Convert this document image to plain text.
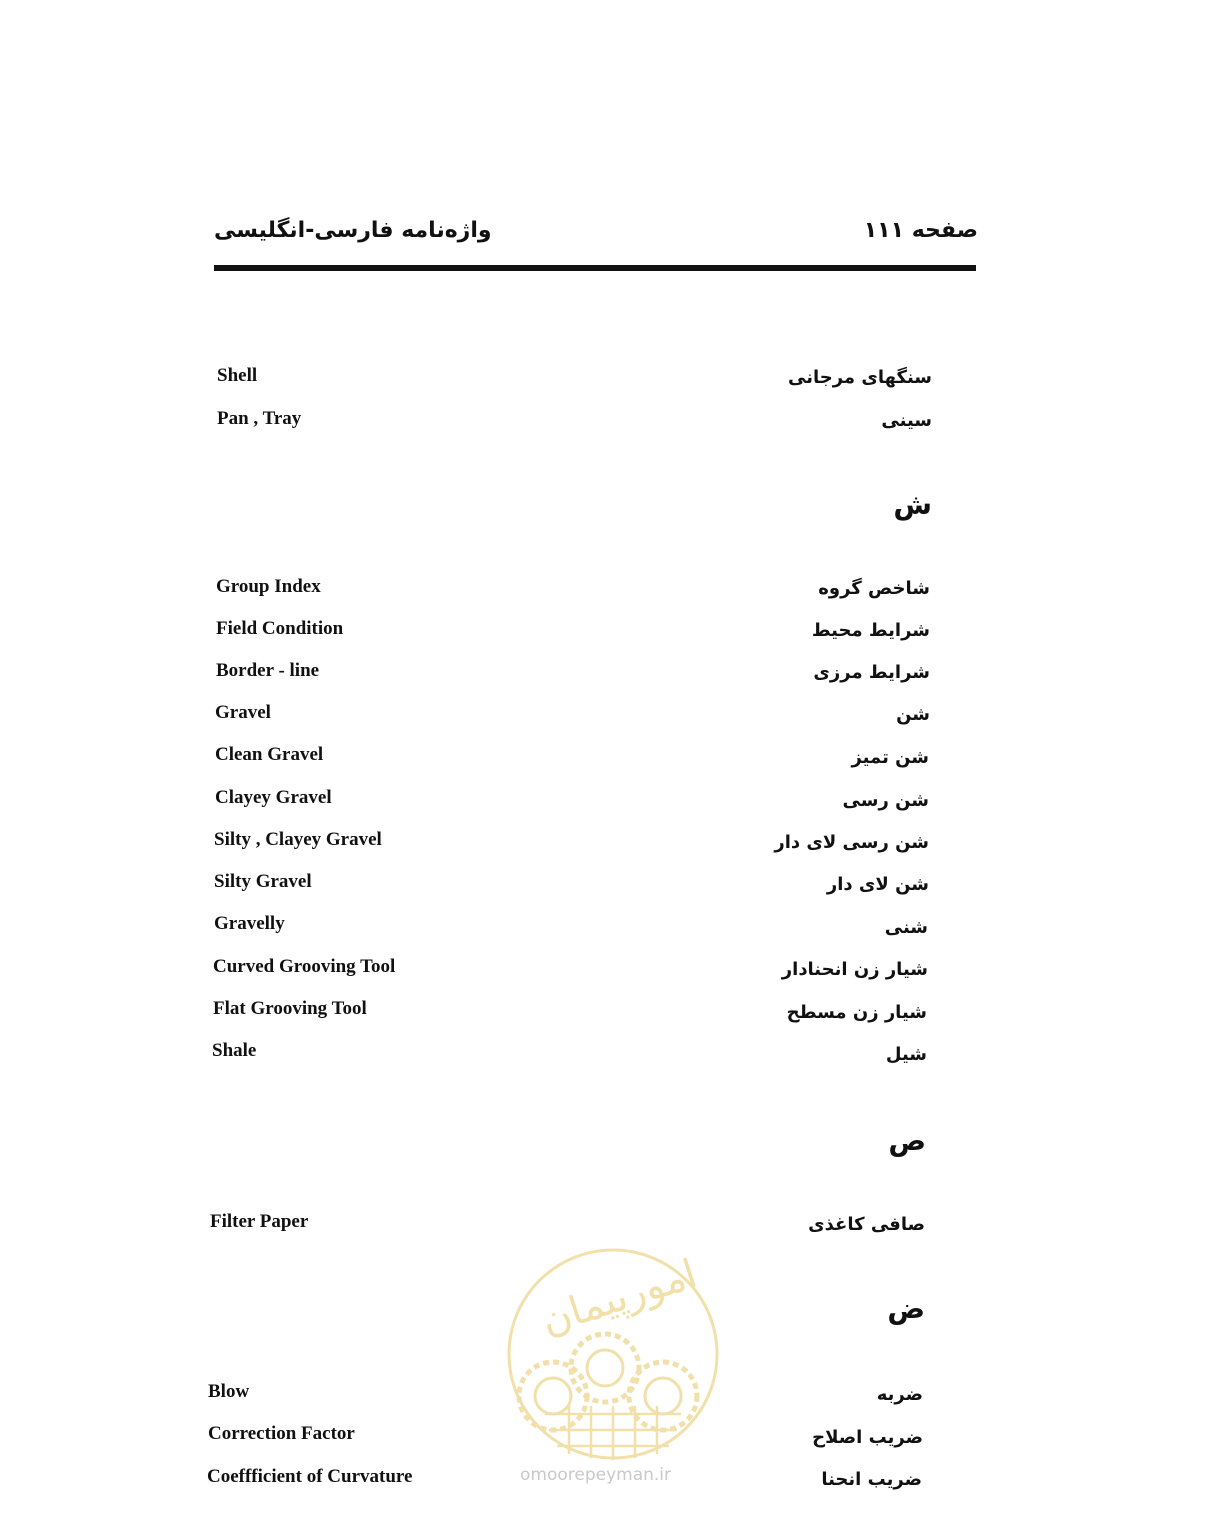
واژه‌نامه فارسی-انگلیسی	صفحه ۱۱۱
Shell	سنگهای مرجانی
Pan , Tray	سینی
ش
Group Index	شاخص گروه
Field Condition	شرایط محیط
Border - line	شرایط مرزی
Gravel	شن
Clean Gravel	شن تمیز
Clayey Gravel	شن رسی
Silty , Clayey Gravel	شن رسی لای دار
Silty Gravel	شن لای دار
Gravelly	شنی
Curved Grooving Tool	شیار زن انحنادار
Flat Grooving Tool	شیار زن مسطح
Shale	شیل
ص
Filter Paper	صافی کاغذی
امورپیمان
omoorepeyman.ir
ض
Blow	ضربه
Correction Factor	ضریب اصلاح
Coeffficient of Curvature	ضریب انحنا
